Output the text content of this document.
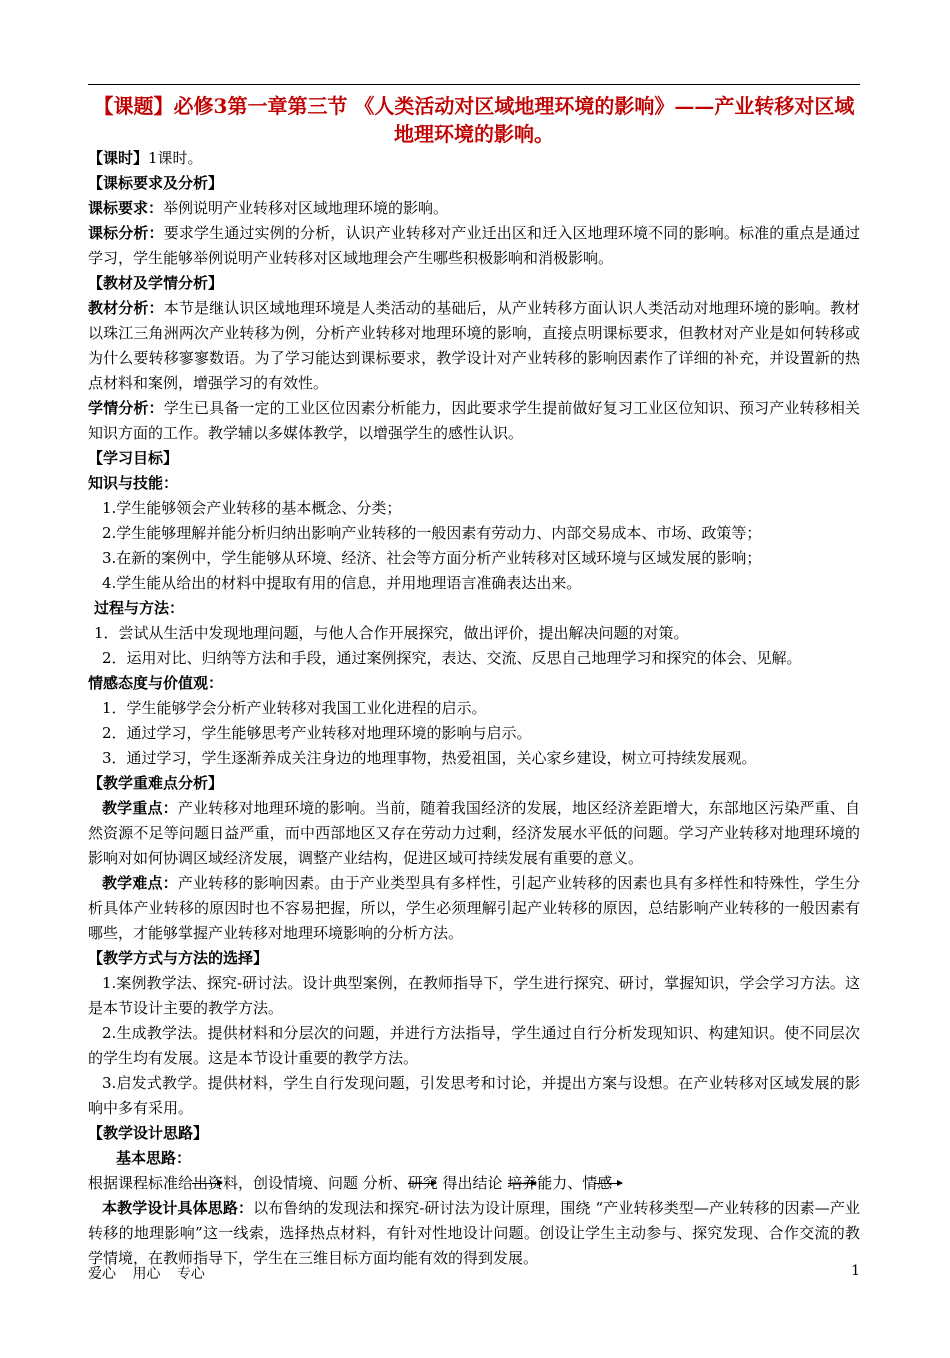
【课题】必修3第一章第三节 《人类活动对区域地理环境的影响》——产业转移对区域地理环境的影响。

【课时】1课时。

【课标要求及分析】

课标要求：举例说明产业转移对区域地理环境的影响。

课标分析：要求学生通过实例的分析，认识产业转移对产业迁出区和迁入区地理环境不同的影响。标准的重点是通过学习，学生能够举例说明产业转移对区域地理会产生哪些积极影响和消极影响。

【教材及学情分析】

教材分析：本节是继认识区域地理环境是人类活动的基础后，从产业转移方面认识人类活动对地理环境的影响。教材以珠江三角洲两次产业转移为例，分析产业转移对地理环境的影响，直接点明课标要求，但教材对产业是如何转移或为什么要转移寥寥数语。为了学习能达到课标要求，教学设计对产业转移的影响因素作了详细的补充，并设置新的热点材料和案例，增强学习的有效性。

学情分析：学生已具备一定的工业区位因素分析能力，因此要求学生提前做好复习工业区位知识、预习产业转移相关知识方面的工作。教学辅以多媒体教学，以增强学生的感性认识。

【学习目标】

知识与技能：

1.学生能够领会产业转移的基本概念、分类；

2.学生能够理解并能分析归纳出影响产业转移的一般因素有劳动力、内部交易成本、市场、政策等；

3.在新的案例中，学生能够从环境、经济、社会等方面分析产业转移对区域环境与区域发展的影响；

4.学生能从给出的材料中提取有用的信息，并用地理语言准确表达出来。

过程与方法：

1．尝试从生活中发现地理问题，与他人合作开展探究，做出评价，提出解决问题的对策。

2．运用对比、归纳等方法和手段，通过案例探究，表达、交流、反思自己地理学习和探究的体会、见解。

情感态度与价值观：

1．学生能够学会分析产业转移对我国工业化进程的启示。

2．通过学习，学生能够思考产业转移对地理环境的影响与启示。

3．通过学习，学生逐渐养成关注身边的地理事物，热爱祖国，关心家乡建设，树立可持续发展观。

【教学重难点分析】

教学重点：产业转移对地理环境的影响。当前，随着我国经济的发展，地区经济差距增大，东部地区污染严重、自然资源不足等问题日益严重，而中西部地区又存在劳动力过剩，经济发展水平低的问题。学习产业转移对地理环境的影响对如何协调区域经济发展，调整产业结构，促进区域可持续发展有重要的意义。

教学难点：产业转移的影响因素。由于产业类型具有多样性，引起产业转移的因素也具有多样性和特殊性，学生分析具体产业转移的原因时也不容易把握，所以，学生必须理解引起产业转移的原因，总结影响产业转移的一般因素有哪些，才能够掌握产业转移对地理环境影响的分析方法。

【教学方式与方法的选择】

1.案例教学法、探究-研讨法。设计典型案例，在教师指导下，学生进行探究、研讨，掌握知识，学会学习方法。这是本节设计主要的教学方法。

2.生成教学法。提供材料和分层次的问题，并进行方法指导，学生通过自行分析发现知识、构建知识。使不同层次的学生均有发展。这是本节设计重要的教学方法。

3.启发式教学。提供材料，学生自行发现问题，引发思考和讨论，并提出方案与设想。在产业转移对区域发展的影响中多有采用。

【教学设计思路】

基本思路：

根据课程标准给出资料，创设情境、问题 分析、研究 得出结论 培养能力、情感

本教学设计具体思路：以布鲁纳的发现法和探究-研讨法为设计原理，围绕 “产业转移类型—产业转移的因素—产业转移的地理影响”这一线索，选择热点材料，有针对性地设计问题。创设让学生主动参与、探究发现、合作交流的教学情境，在教师指导下，学生在三维目标方面均能有效的得到发展。

爱心 用心 专心	1
